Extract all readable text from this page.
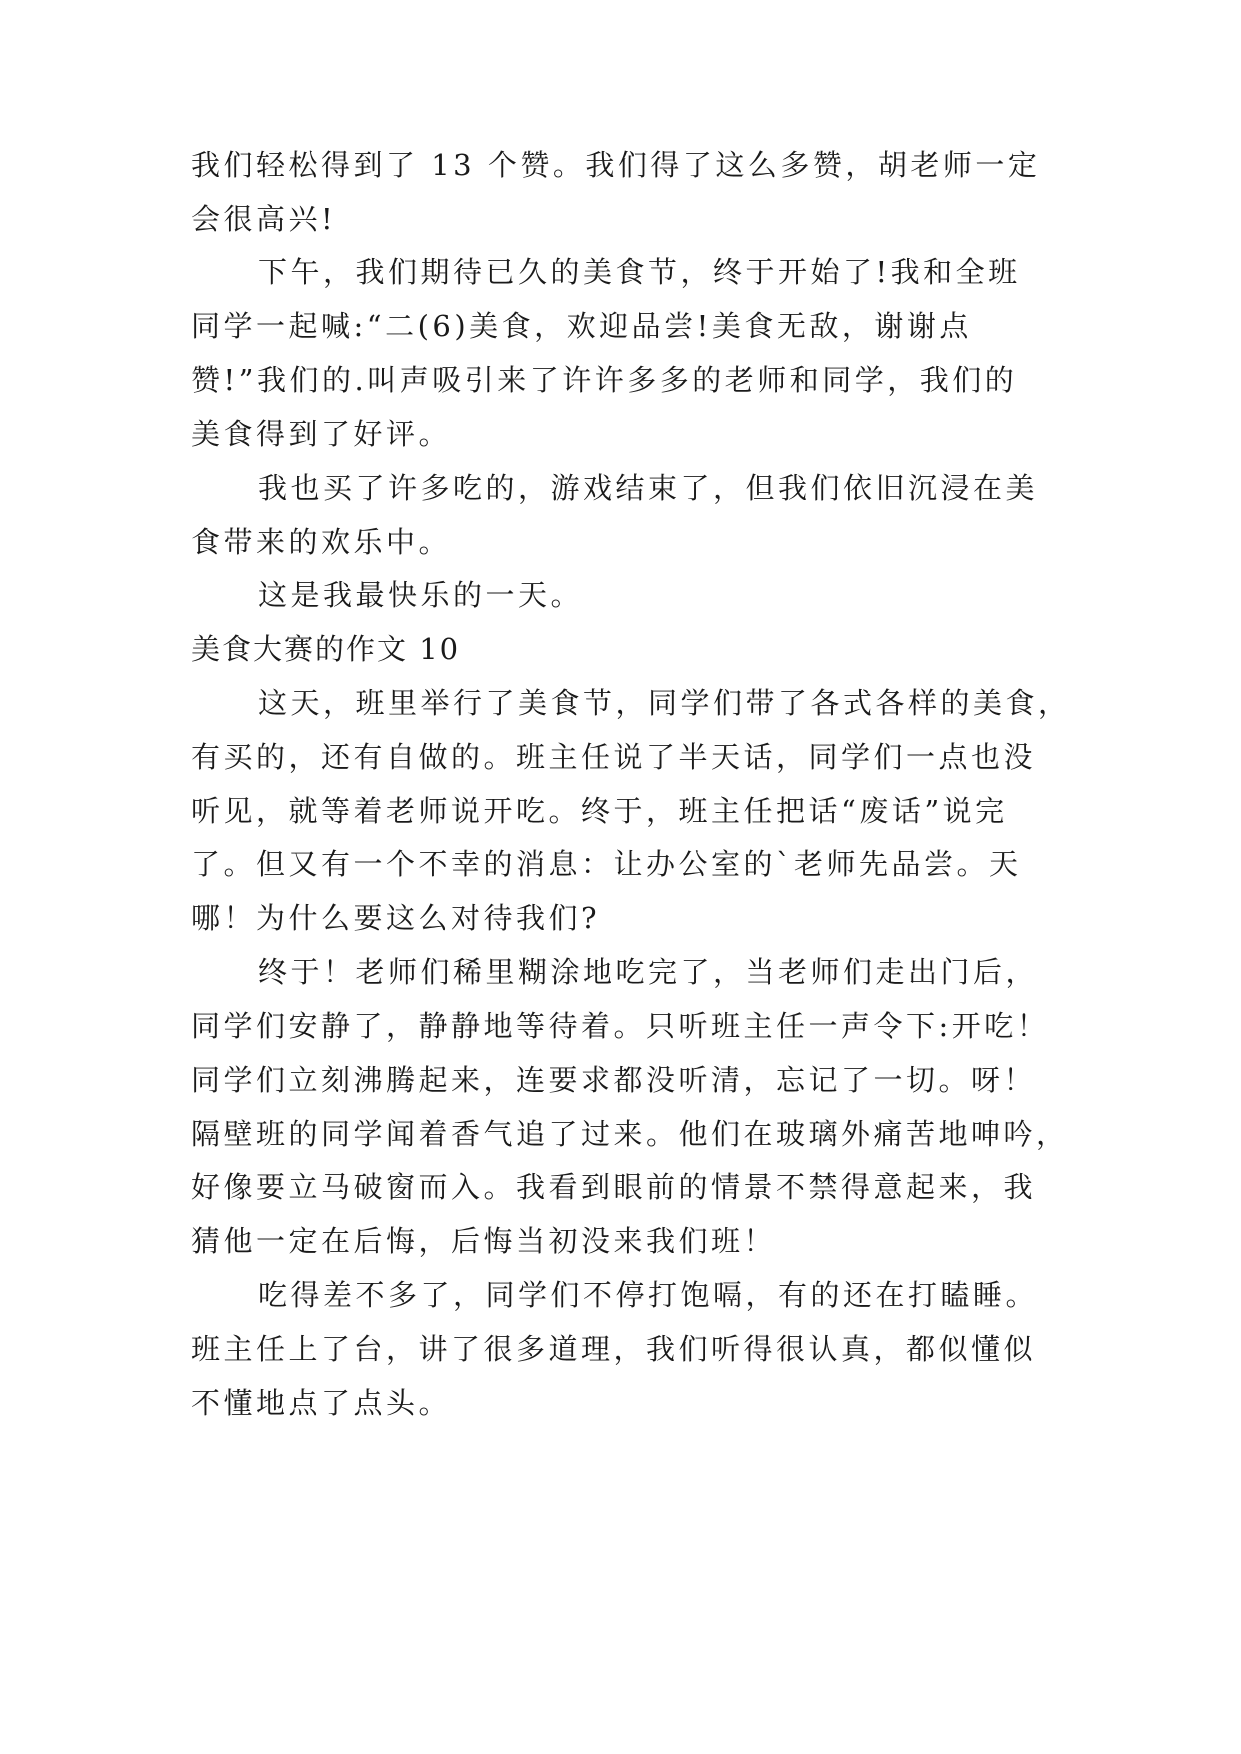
我们轻松得到了 13 个赞。我们得了这么多赞，胡老师一定

会很高兴!

下午，我们期待已久的美食节，终于开始了!我和全班

同学一起喊:“二(6)美食，欢迎品尝!美食无敌，谢谢点

赞!”我们的.叫声吸引来了许许多多的老师和同学，我们的

美食得到了好评。

我也买了许多吃的，游戏结束了，但我们依旧沉浸在美

食带来的欢乐中。

这是我最快乐的一天。

美食大赛的作文 10

这天，班里举行了美食节，同学们带了各式各样的美食，

有买的，还有自做的。班主任说了半天话，同学们一点也没

听见，就等着老师说开吃。终于，班主任把话“废话”说完

了。但又有一个不幸的消息：让办公室的`老师先品尝。天

哪！为什么要这么对待我们?

终于！老师们稀里糊涂地吃完了，当老师们走出门后，

同学们安静了，静静地等待着。只听班主任一声令下:开吃！

同学们立刻沸腾起来，连要求都没听清，忘记了一切。呀！

隔壁班的同学闻着香气追了过来。他们在玻璃外痛苦地呻吟，

好像要立马破窗而入。我看到眼前的情景不禁得意起来，我

猜他一定在后悔，后悔当初没来我们班！

吃得差不多了，同学们不停打饱嗝，有的还在打瞌睡。

班主任上了台，讲了很多道理，我们听得很认真，都似懂似

不懂地点了点头。
